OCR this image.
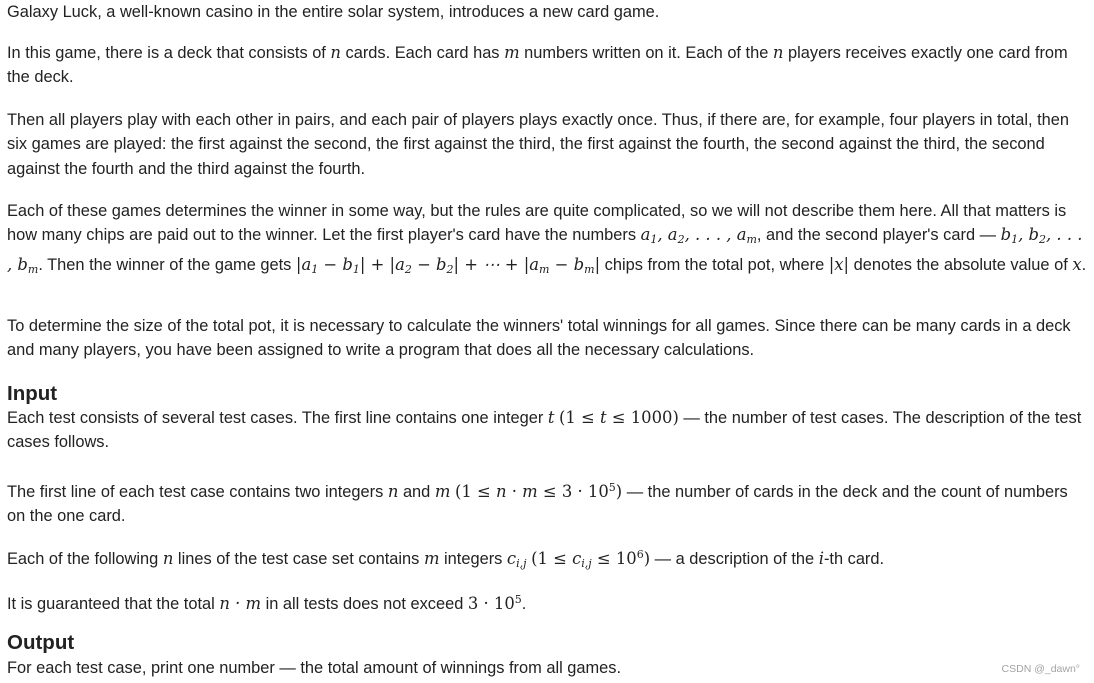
Galaxy Luck, a well-known casino in the entire solar system, introduces a new card game.

In this game, there is a deck that consists of n cards. Each card has m numbers written on it. Each of the n players receives exactly one card from the deck.

Then all players play with each other in pairs, and each pair of players plays exactly once. Thus, if there are, for example, four players in total, then six games are played: the first against the second, the first against the third, the first against the fourth, the second against the third, the second against the fourth and the third against the fourth.

Each of these games determines the winner in some way, but the rules are quite complicated, so we will not describe them here. All that matters is how many chips are paid out to the winner. Let the first player's card have the numbers $a_1$, $a_2$, . . . , $a_m$, and the second player's card — $b_1$, $b_2$, . . . , $b_m$. Then the winner of the game gets $|a_1 - b_1| + |a_2 - b_2|$ + ⋯ + $|a_m - b_m|$ chips from the total pot, where |x| denotes the absolute value of x.

To determine the size of the total pot, it is necessary to calculate the winners' total winnings for all games. Since there can be many cards in a deck and many players, you have been assigned to write a program that does all the necessary calculations.

Input

Each test consists of several test cases. The first line contains one integer t (1 ≤ t ≤ 1000) — the number of test cases. The description of the test cases follows.

The first line of each test case contains two integers n and m $(1 \le n \cdot m \le 3 \cdot 10^5)$ — the number of cards in the deck and the count of numbers on the one card.

Each of the following n lines of the test case set contains m integers $c_{i,j}$ $(1 \le c_{i,j} \le 10^6)$ — a description of the i-th card.

It is guaranteed that the total n · m in all tests does not exceed $3 \cdot 10^5$.

Output

For each test case, print one number — the total amount of winnings from all games.	CSDN @_dawn°
